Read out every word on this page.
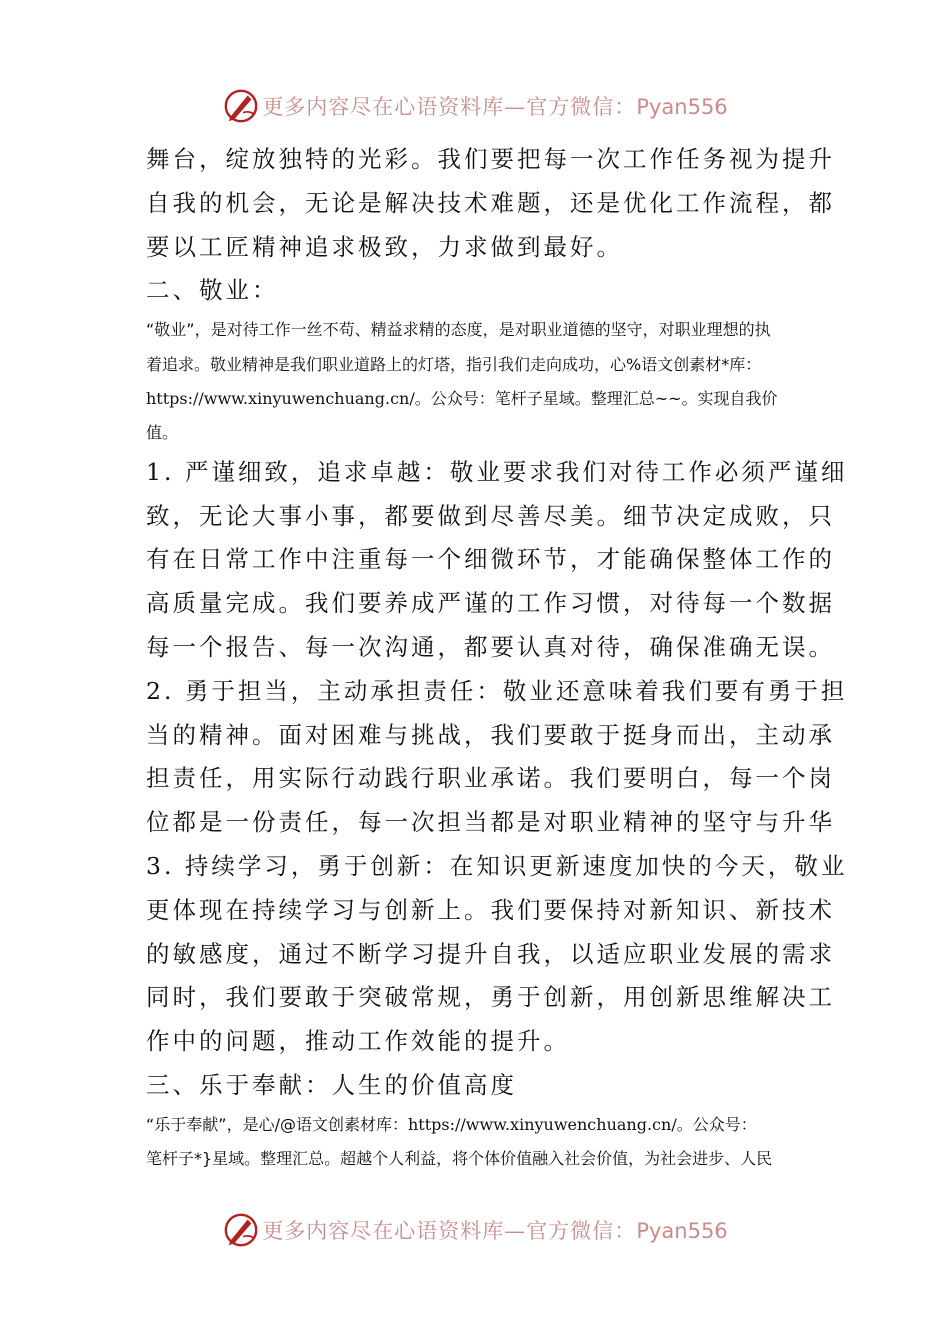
更多内容尽在心语资料库—官方微信：Pyan556

舞台，绽放独特的光彩。我们要把每一次工作任务视为提升

自我的机会，无论是解决技术难题，还是优化工作流程，都

要以工匠精神追求极致，力求做到最好。

二、敬业：

“敬业”，是对待工作一丝不苟、精益求精的态度，是对职业道德的坚守，对职业理想的执

着追求。敬业精神是我们职业道路上的灯塔，指引我们走向成功，心%语文创素材*库：

https://www.xinyuwenchuang.cn/。公众号：笔杆子星域。整理汇总~~。实现自我价

值。

1. 严谨细致，追求卓越：敬业要求我们对待工作必须严谨细

致，无论大事小事，都要做到尽善尽美。细节决定成败，只

有在日常工作中注重每一个细微环节，才能确保整体工作的

高质量完成。我们要养成严谨的工作习惯，对待每一个数据

每一个报告、每一次沟通，都要认真对待，确保准确无误。

2. 勇于担当，主动承担责任：敬业还意味着我们要有勇于担

当的精神。面对困难与挑战，我们要敢于挺身而出，主动承

担责任，用实际行动践行职业承诺。我们要明白，每一个岗

位都是一份责任，每一次担当都是对职业精神的坚守与升华

3. 持续学习，勇于创新：在知识更新速度加快的今天，敬业

更体现在持续学习与创新上。我们要保持对新知识、新技术

的敏感度，通过不断学习提升自我，以适应职业发展的需求

同时，我们要敢于突破常规，勇于创新，用创新思维解决工

作中的问题，推动工作效能的提升。

三、乐于奉献：人生的价值高度

“乐于奉献”，是心/@语文创素材库：https://www.xinyuwenchuang.cn/。公众号：

笔杆子*}星域。整理汇总。超越个人利益，将个体价值融入社会价值，为社会进步、人民

更多内容尽在心语资料库—官方微信：Pyan556
